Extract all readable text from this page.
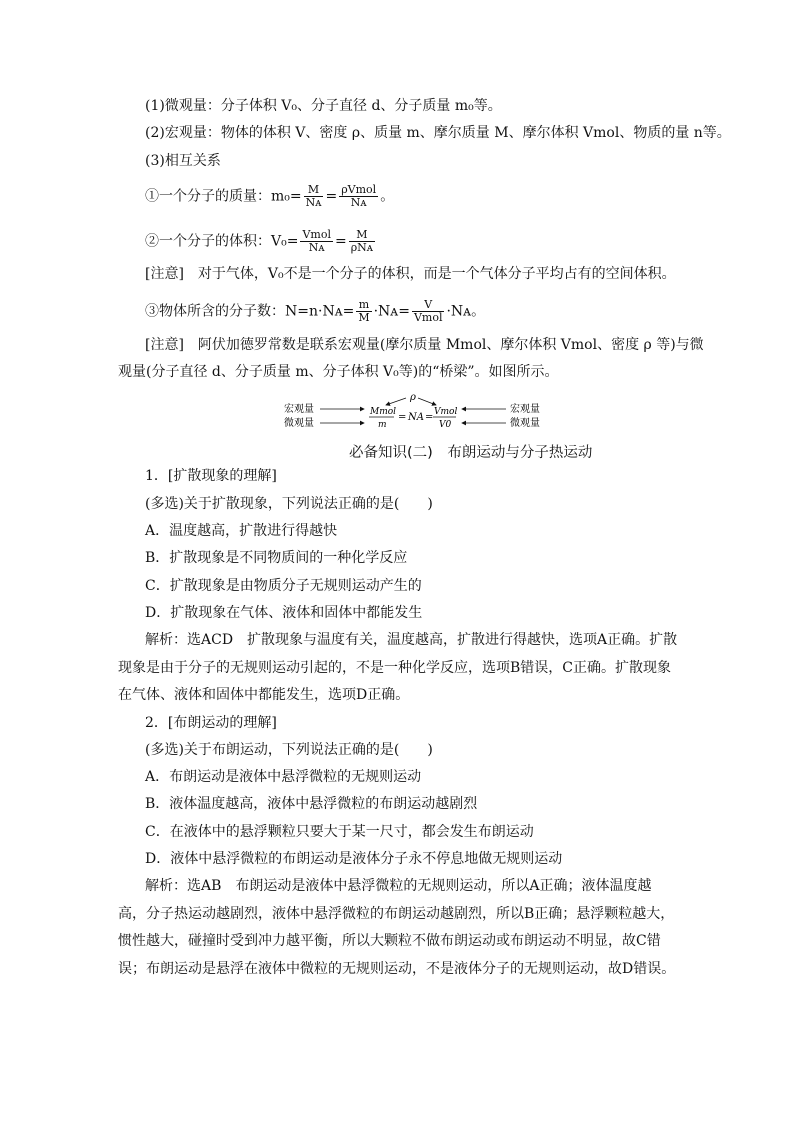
(1)微观量：分子体积 V₀、分子直径 d、分子质量 m₀等。
(2)宏观量：物体的体积 V、密度 ρ、质量 m、摩尔质量 M、摩尔体积 Vmol、物质的量 n等。
(3)相互关系
①一个分子的质量：$m_0= \frac{M}{\text{Nᴀ}} = \frac{\text{ρVmol}}{\text{Nᴀ}}$ 。
②一个分子的体积：$V_0= \frac{\text{Vmol}}{\text{Nᴀ}} = \frac{M}{\text{ρNᴀ}}$
[注意]　对于气体，V₀不是一个分子的体积，而是一个气体分子平均占有的空间体积。
③物体所含的分子数：N=n·Nᴀ= $\frac{m}{M}$ ·Nᴀ= $\frac{V}{\text{Vmol}}$ ·Nᴀ。
[注意]　阿伏加德罗常数是联系宏观量(摩尔质量 Mmol、摩尔体积 Vmol、密度 ρ 等)与微
观量(分子直径 d、分子质量 m、分子体积 V₀等)的“桥梁”。如图所示。
宏观量
微观量
ρ
Mmol
m
= NA = Vmol
V0
宏观量
微观量
必备知识(二)　布朗运动与分子热运动
1．[扩散现象的理解]
(多选)关于扩散现象，下列说法正确的是(　　)
A．温度越高，扩散进行得越快
B．扩散现象是不同物质间的一种化学反应
C．扩散现象是由物质分子无规则运动产生的
D．扩散现象在气体、液体和固体中都能发生
解析：选ACD　扩散现象与温度有关，温度越高，扩散进行得越快，选项A正确。扩散现象是由于分子的无规则运动引起的，不是一种化学反应，选项B错误，C正确。扩散现象在气体、液体和固体中都能发生，选项D正确。
2．[布朗运动的理解]
(多选)关于布朗运动，下列说法正确的是(　　)
A．布朗运动是液体中悬浮微粒的无规则运动
B．液体温度越高，液体中悬浮微粒的布朗运动越剧烈
C．在液体中的悬浮颗粒只要大于某一尺寸，都会发生布朗运动
D．液体中悬浮微粒的布朗运动是液体分子永不停息地做无规则运动
解析：选AB　布朗运动是液体中悬浮微粒的无规则运动，所以A正确；液体温度越高，分子热运动越剧烈，液体中悬浮微粒的布朗运动越剧烈，所以B正确；悬浮颗粒越大，惯性越大，碰撞时受到冲力越平衡，所以大颗粒不做布朗运动或布朗运动不明显，故C错误；布朗运动是悬浮在液体中微粒的无规则运动，不是液体分子的无规则运动，故D错误。
